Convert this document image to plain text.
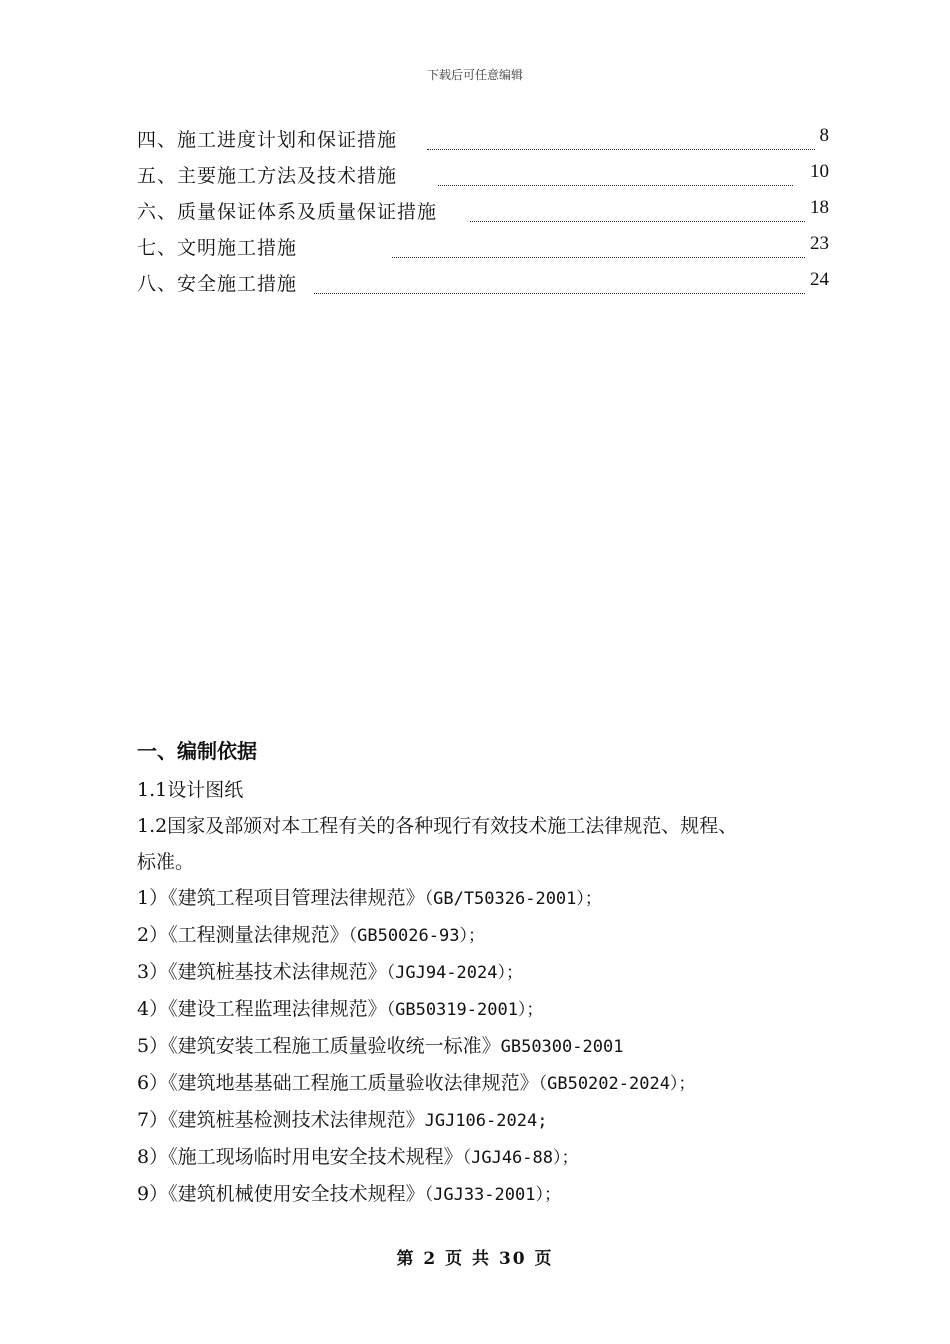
下载后可任意编辑
四、施工进度计划和保证措施	8
五、主要施工方法及技术措施	10
六、质量保证体系及质量保证措施	18
七、文明施工措施	23
八、安全施工措施	24
一、编制依据
1.1设计图纸
1.2国家及部颁对本工程有关的各种现行有效技术施工法律规范、规程、
标准。
1）《建筑工程项目管理法律规范》（GB/T50326-2001）；
2）《工程测量法律规范》（GB50026-93）；
3）《建筑桩基技术法律规范》（JGJ94-2024）；
4）《建设工程监理法律规范》（GB50319-2001）；
5）《建筑安装工程施工质量验收统一标准》GB50300-2001
6）《建筑地基基础工程施工质量验收法律规范》（GB50202-2024）；
7）《建筑桩基检测技术法律规范》JGJ106-2024;
8）《施工现场临时用电安全技术规程》（JGJ46-88）；
9）《建筑机械使用安全技术规程》（JGJ33-2001）；
第 2 页 共 30 页
